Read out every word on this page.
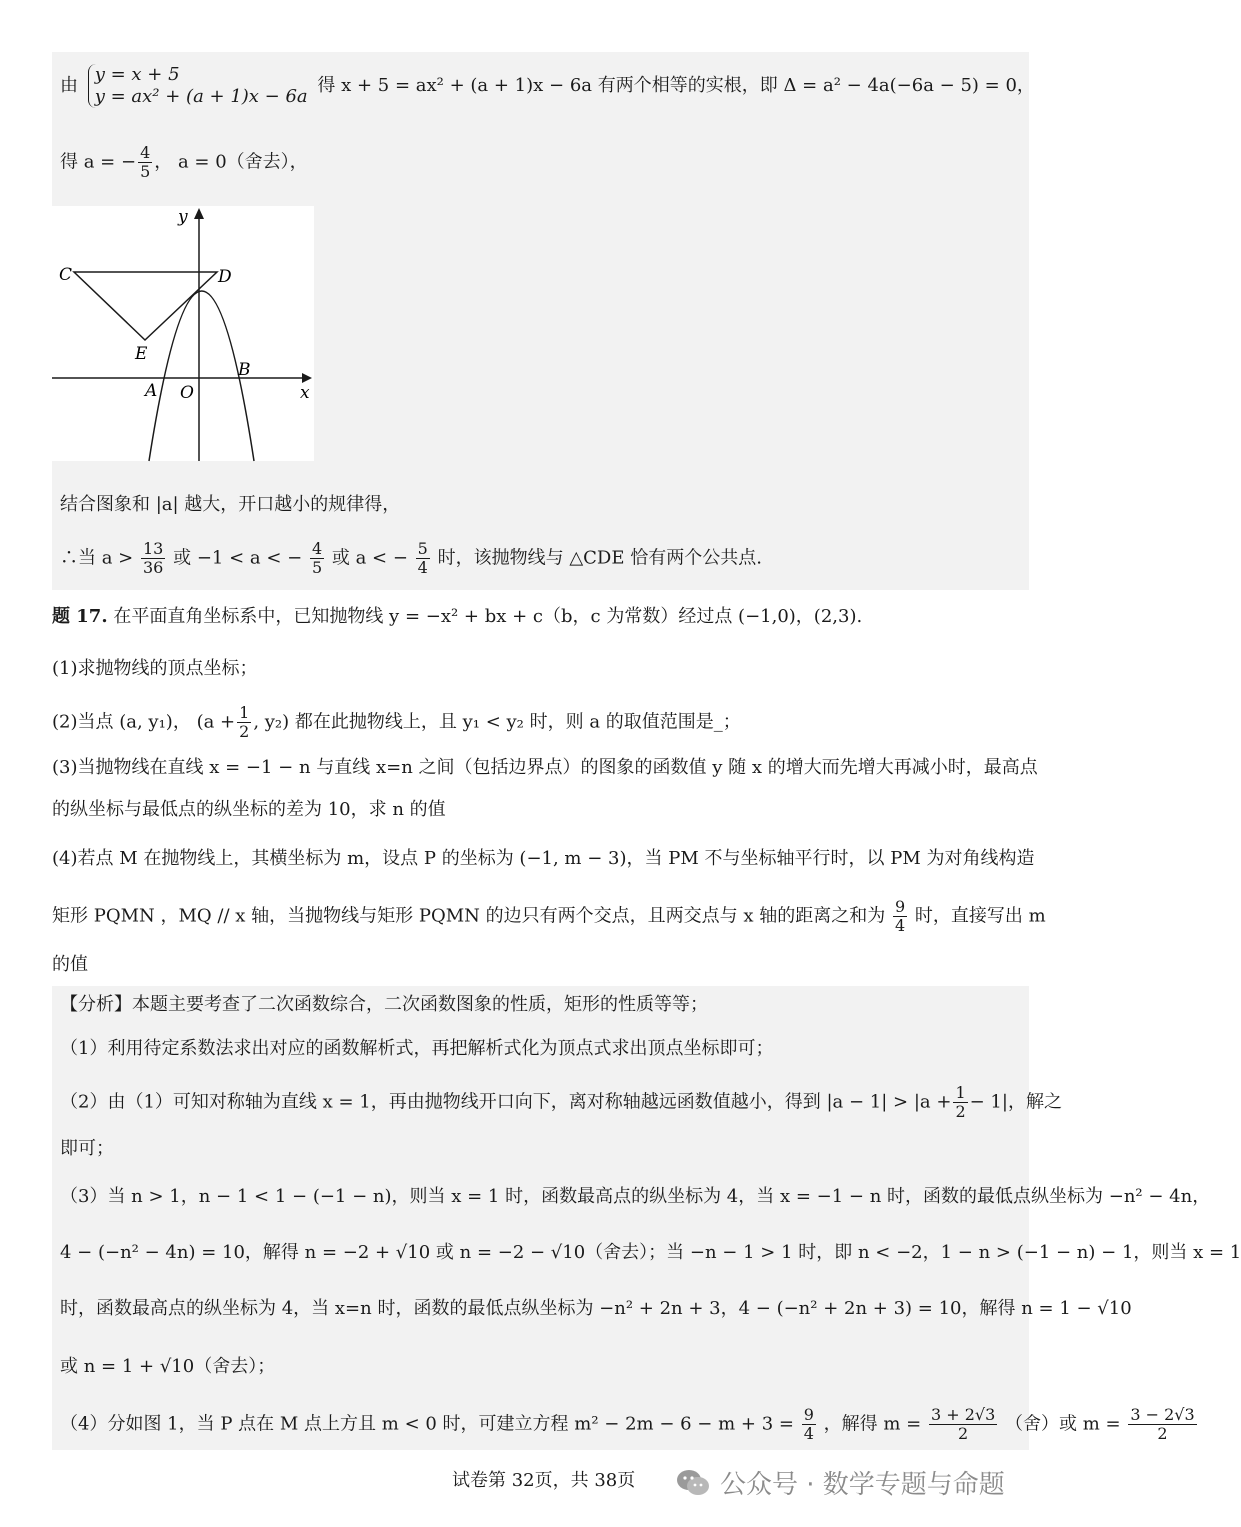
由
y = x + 5
y = ax² + (a + 1)x − 6a
得 x + 5 = ax² + (a + 1)x − 6a 有两个相等的实根，即 Δ = a² − 4a(−6a − 5) = 0，
得 a = − $\frac{4}{5}$ ， a = 0（舍去），
结合图象和 |a| 越大，开口越小的规律得，
∴当 $a > \frac{13}{36}$ 或 −1 < a < − $\frac{4}{5}$ 或 a < − $\frac{5}{4}$ 时，该抛物线与 △CDE 恰有两个公共点.
C	D
E
A O
B
y
x
题 17. 在平面直角坐标系中，已知抛物线 y = −x² + bx + c（b，c 为常数）经过点 (−1,0)，(2,3).
(1)求抛物线的顶点坐标；
(2)当点 (a, y₁)， ($a + \frac{1}{2}$ , y₂) 都在此抛物线上，且 y₁ < y₂ 时，则 a 的取值范围是_；
(3)当抛物线在直线 x = −1 − n 与直线 x=n 之间（包括边界点）的图象的函数值 y 随 x 的增大而先增大再减小时，最高点
的纵坐标与最低点的纵坐标的差为 10，求 n 的值
(4)若点 M 在抛物线上，其横坐标为 m，设点 P 的坐标为 (−1, m − 3)，当 PM 不与坐标轴平行时，以 PM 为对角线构造
矩形 PQMN ，MQ // x 轴，当抛物线与矩形 PQMN 的边只有两个交点，且两交点与 x 轴的距离之和为 $\frac{9}{4}$ 时，直接写出 m
的值
【分析】本题主要考查了二次函数综合，二次函数图象的性质，矩形的性质等等；
（1）利用待定系数法求出对应的函数解析式，再把解析式化为顶点式求出顶点坐标即可；
（2）由（1）可知对称轴为直线 x = 1，再由抛物线开口向下，离对称轴越远函数值越小，得到 $|a - 1| > |a + \frac{1}{2} - 1|$，解之
即可；
（3）当 n > 1，n − 1 < 1 − (−1 − n)，则当 x = 1 时，函数最高点的纵坐标为 4，当 x = −1 − n 时，函数的最低点纵坐标为 −n² − 4n，
4 − (−n² − 4n) = 10，解得 n = −2 + √10 或 n = −2 − √10（舍去）；当 −n − 1 > 1 时，即 n < −2，1 − n > (−1 − n) − 1，则当 x = 1
时，函数最高点的纵坐标为 4，当 x=n 时，函数的最低点纵坐标为 −n² + 2n + 3，4 − (−n² + 2n + 3) = 10，解得 n = 1 − √10
或 n = 1 + √10（舍去）；
（4）分如图 1，当 P 点在 M 点上方且 m < 0 时，可建立方程 $m^2 - 2m - 6 - m + 3 = \frac{9}{4}$ ，解得 $m = \frac{3 + 2√3}{2}$ （舍）或 $m = \frac{3 - 2√3}{2}$
试卷第 32页，共 38页	公众号 · 数学专题与命题
